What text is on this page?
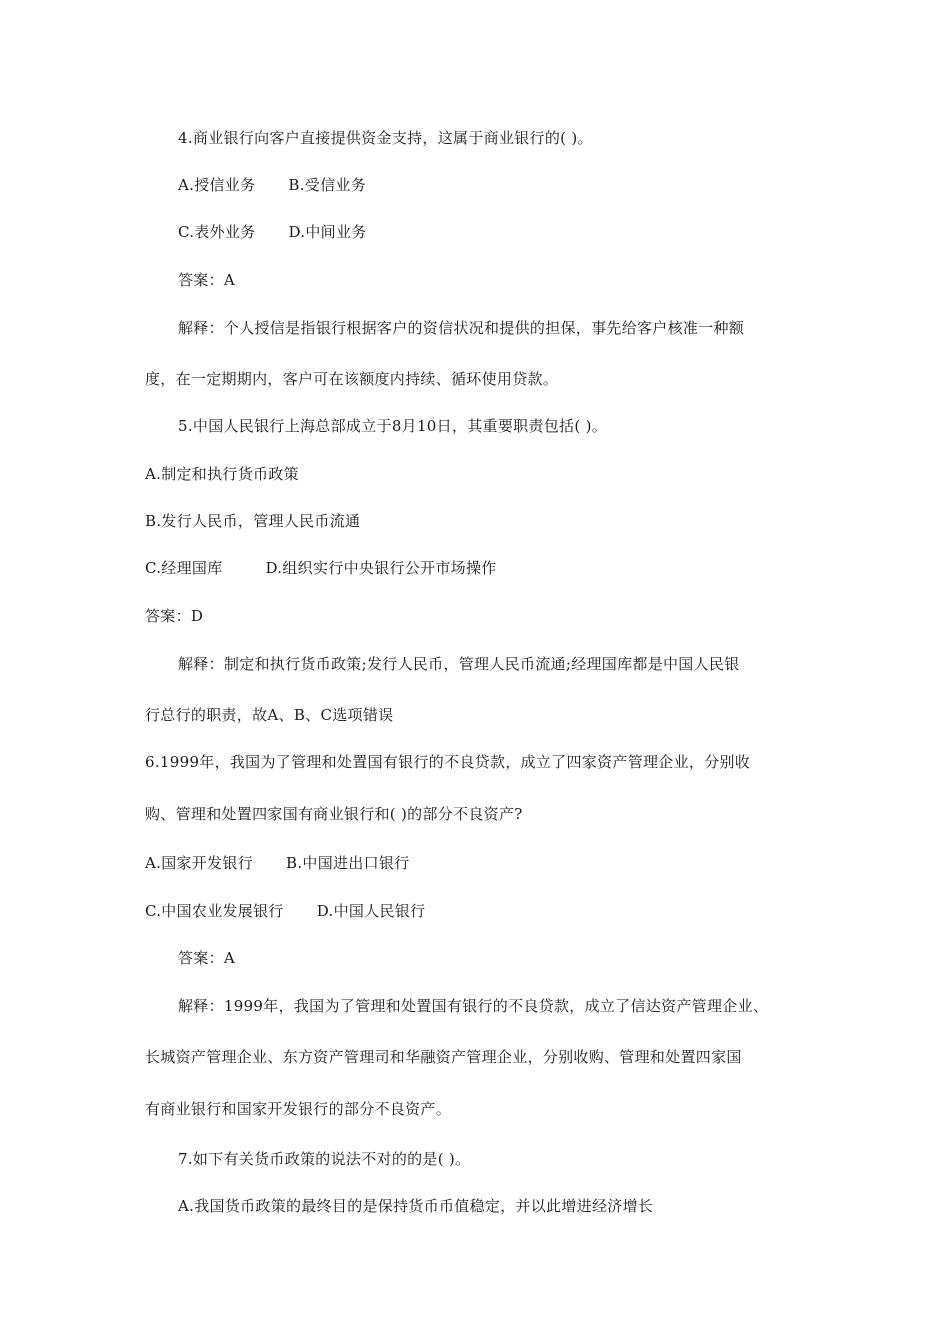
4.商业银行向客户直接提供资金支持，这属于商业银行的( )。
A.授信业务 B.受信业务
C.表外业务 D.中间业务
答案：A
解释：个人授信是指银行根据客户的资信状况和提供的担保，事先给客户核准一种额
度，在一定期期内，客户可在该额度内持续、循环使用贷款。
5.中国人民银行上海总部成立于8月10日，其重要职责包括( )。
A.制定和执行货币政策
B.发行人民币，管理人民币流通
C.经理国库	D.组织实行中央银行公开市场操作
答案：D
解释：制定和执行货币政策;发行人民币，管理人民币流通;经理国库都是中国人民银
行总行的职责，故A、B、C选项错误
6.1999年，我国为了管理和处置国有银行的不良贷款，成立了四家资产管理企业，分别收
购、管理和处置四家国有商业银行和( )的部分不良资产?
A.国家开发银行 B.中国进出口银行
C.中国农业发展银行 D.中国人民银行
答案：A
解释：1999年，我国为了管理和处置国有银行的不良贷款，成立了信达资产管理企业、
长城资产管理企业、东方资产管理司和华融资产管理企业，分别收购、管理和处置四家国
有商业银行和国家开发银行的部分不良资产。
7.如下有关货币政策的说法不对的的是( )。
A.我国货币政策的最终目的是保持货币币值稳定，并以此增进经济增长
